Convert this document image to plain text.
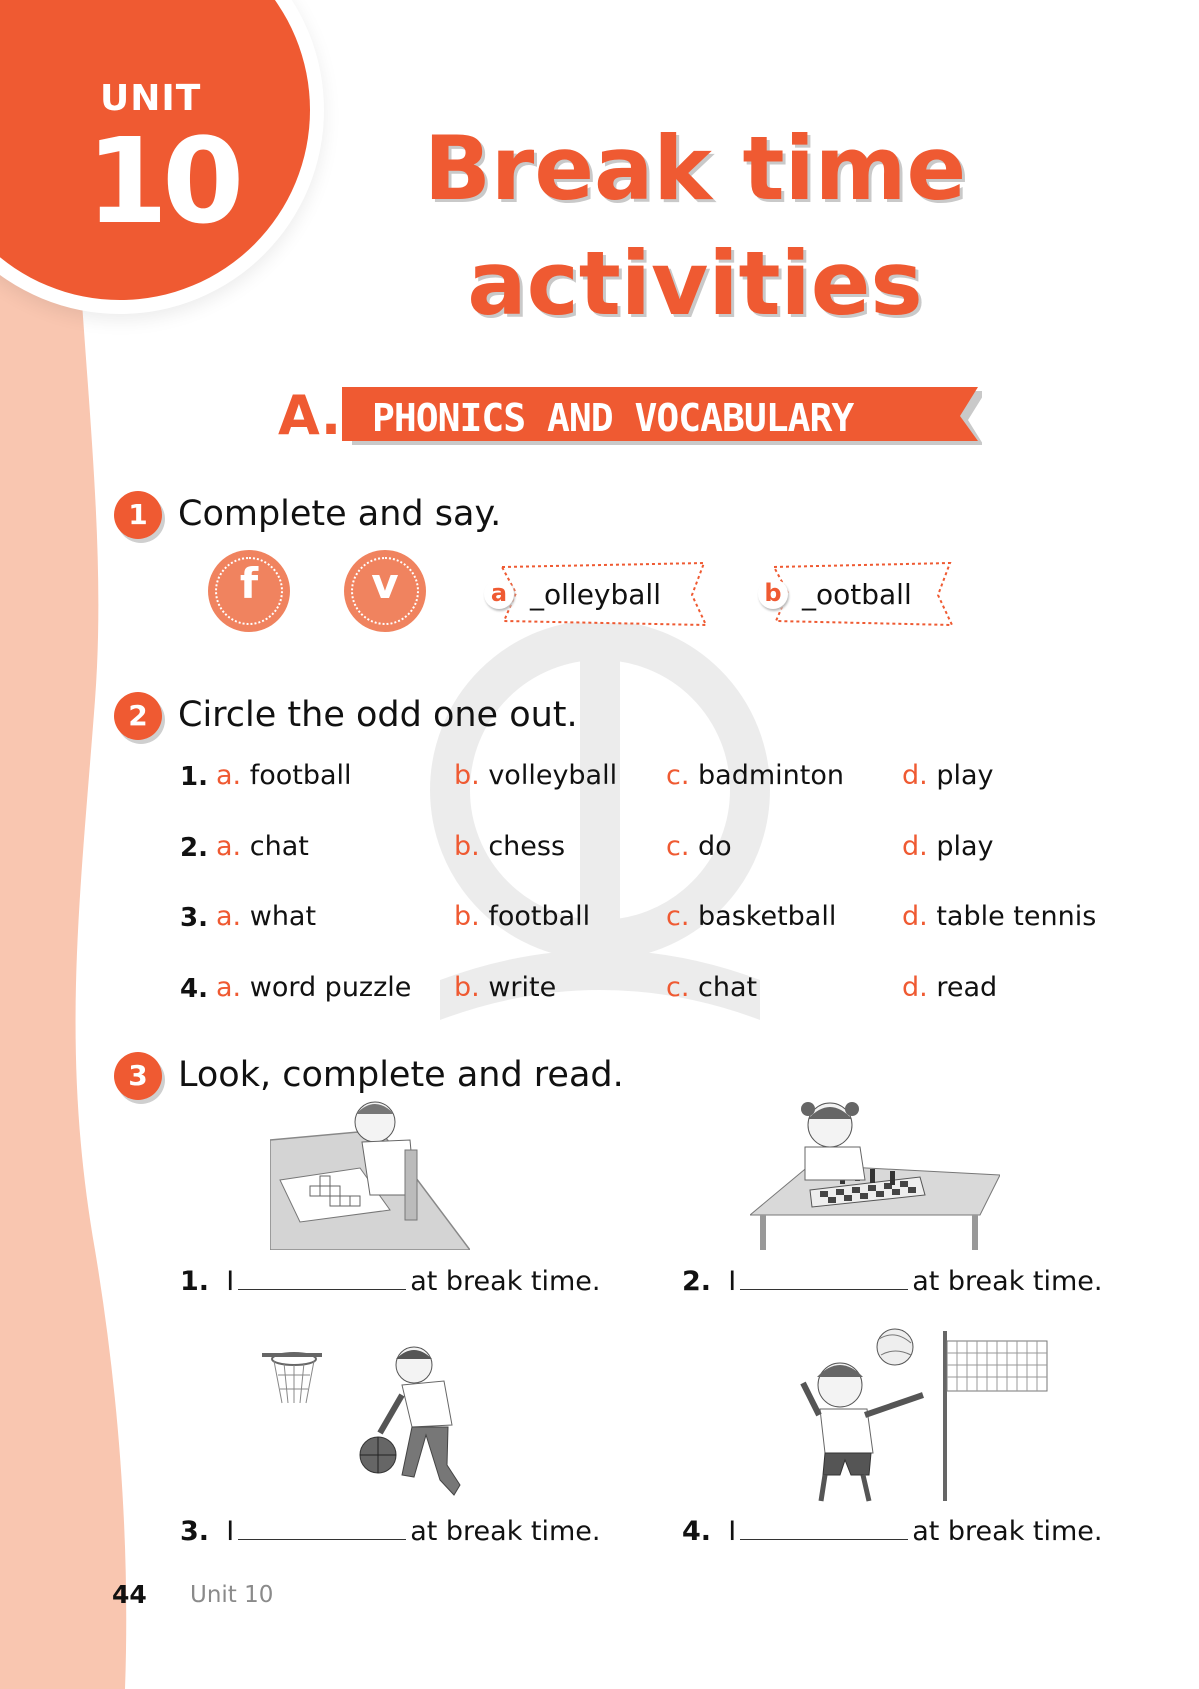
UNIT
10	Break time
activities
A. PHONICS AND VOCABULARY
1 Complete and say.
f	v	a _olleyball	b _ootball
2 Circle the odd one out.
1. a. football	b. volleyball c. badminton d. play
2. a. chat	b. chess	c. do	d. play
3. a. what	b. football	c. basketball d. table tennis
4. a. word puzzle b. write	c. chat	d. read
3 Look, complete and read.
1. I	at break time.	2. I	at break time.
3. I	at break time.	4. I	at break time.
44 Unit 10
